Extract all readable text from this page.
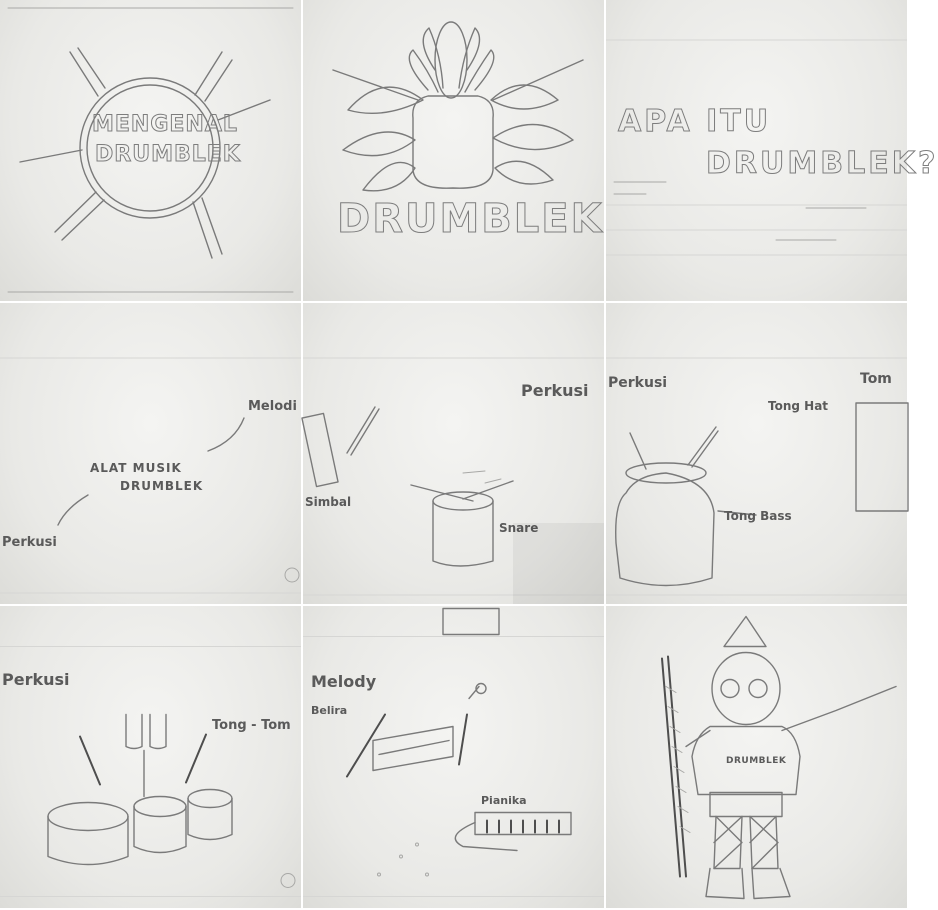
MENGENAL
DRUMBLEK
DRUMBLEK
APA ITU
DRUMBLEK?
ALAT MUSIK
DRUMBLEK
Melodi
Perkusi
Perkusi
Simbal
Snare
Perkusi
Tong Hat
Tong Bass
Tom
Perkusi
Tong - Tom
Melody
Belira
Pianika
DRUMBLEK
